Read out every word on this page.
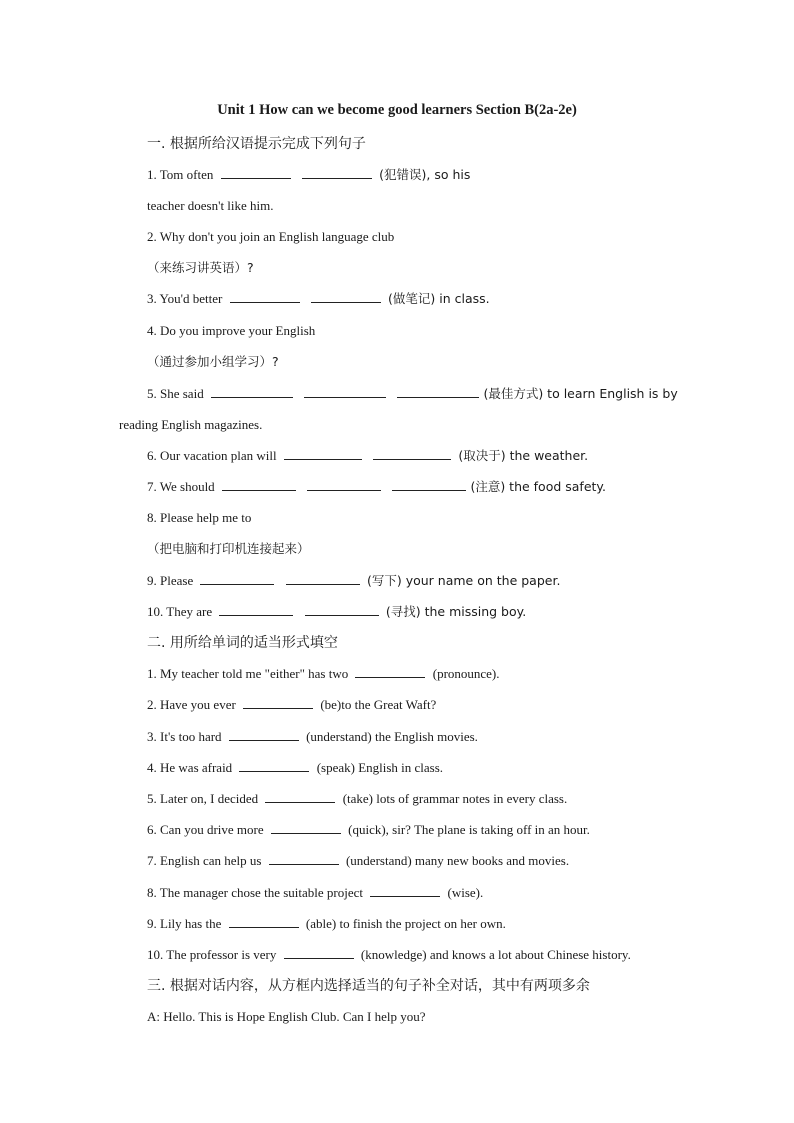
Unit 1 How can we become good learners Section B(2a-2e)
一. 根据所给汉语提示完成下列句子
1. Tom often	(犯错误), so his
teacher doesn't like him.
2. Why don't you join an English language club
（来练习讲英语）?
3. You'd better	(做笔记) in class.
4. Do you improve your English
（通过参加小组学习）?
5. She said	(最佳方式) to learn English is by
reading English magazines.
6. Our vacation plan will	(取决于) the weather.
7. We should	(注意) the food safety.
8. Please help me to
（把电脑和打印机连接起来）
9. Please	(写下) your name on the paper.
10. They are	(寻找) the missing boy.
二. 用所给单词的适当形式填空
1. My teacher told me "either" has two	(pronounce).
2. Have you ever	(be)to the Great Waft?
3. It's too hard	(understand) the English movies.
4. He was afraid	(speak) English in class.
5. Later on, I decided	(take) lots of grammar notes in every class.
6. Can you drive more	(quick), sir? The plane is taking off in an hour.
7. English can help us	(understand) many new books and movies.
8. The manager chose the suitable project	(wise).
9. Lily has the	(able) to finish the project on her own.
10. The professor is very	(knowledge) and knows a lot about Chinese history.
三. 根据对话内容，从方框内选择适当的句子补全对话，其中有两项多余
A: Hello. This is Hope English Club. Can I help you?
